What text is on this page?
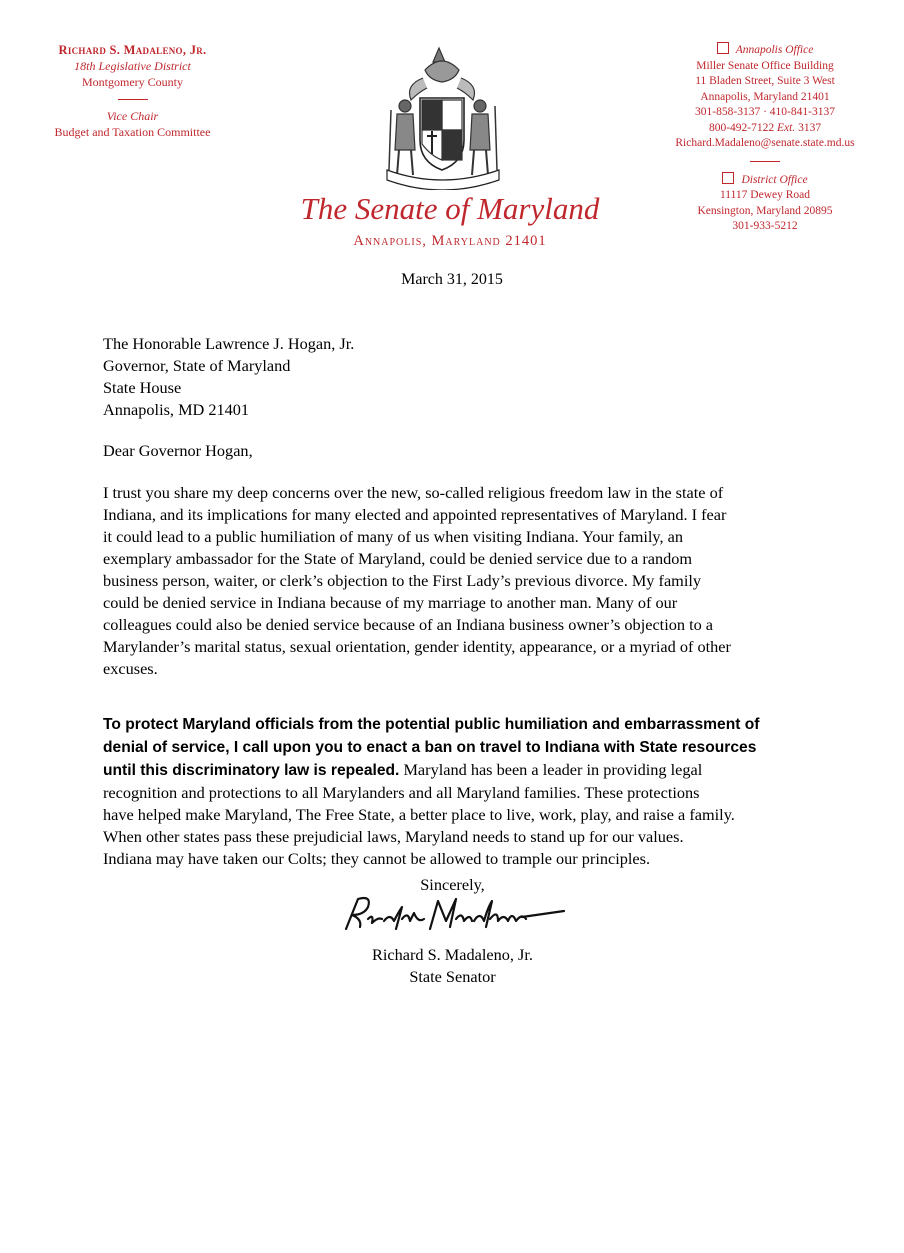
Richard S. Madaleno, Jr.
18th Legislative District
Montgomery County
Vice Chair
Budget and Taxation Committee
Annapolis Office
Miller Senate Office Building
11 Bladen Street, Suite 3 West
Annapolis, Maryland 21401
301-858-3137 · 410-841-3137
800-492-7122 Ext. 3137
Richard.Madaleno@senate.state.md.us
District Office
11117 Dewey Road
Kensington, Maryland 20895
301-933-5212
The Senate of Maryland
Annapolis, Maryland 21401
March 31, 2015
The Honorable Lawrence J. Hogan, Jr.
Governor, State of Maryland
State House
Annapolis, MD 21401
Dear Governor Hogan,
I trust you share my deep concerns over the new, so-called religious freedom law in the state of
Indiana, and its implications for many elected and appointed representatives of Maryland. I fear
it could lead to a public humiliation of many of us when visiting Indiana. Your family, an
exemplary ambassador for the State of Maryland, could be denied service due to a random
business person, waiter, or clerk’s objection to the First Lady’s previous divorce. My family
could be denied service in Indiana because of my marriage to another man. Many of our
colleagues could also be denied service because of an Indiana business owner’s objection to a
Marylander’s marital status, sexual orientation, gender identity, appearance, or a myriad of other
excuses.
To protect Maryland officials from the potential public humiliation and embarrassment of
denial of service, I call upon you to enact a ban on travel to Indiana with State resources
until this discriminatory law is repealed. Maryland has been a leader in providing legal
recognition and protections to all Marylanders and all Maryland families. These protections
have helped make Maryland, The Free State, a better place to live, work, play, and raise a family.
When other states pass these prejudicial laws, Maryland needs to stand up for our values.
Indiana may have taken our Colts; they cannot be allowed to trample our principles.
Sincerely,
Richard S. Madaleno, Jr.
State Senator
